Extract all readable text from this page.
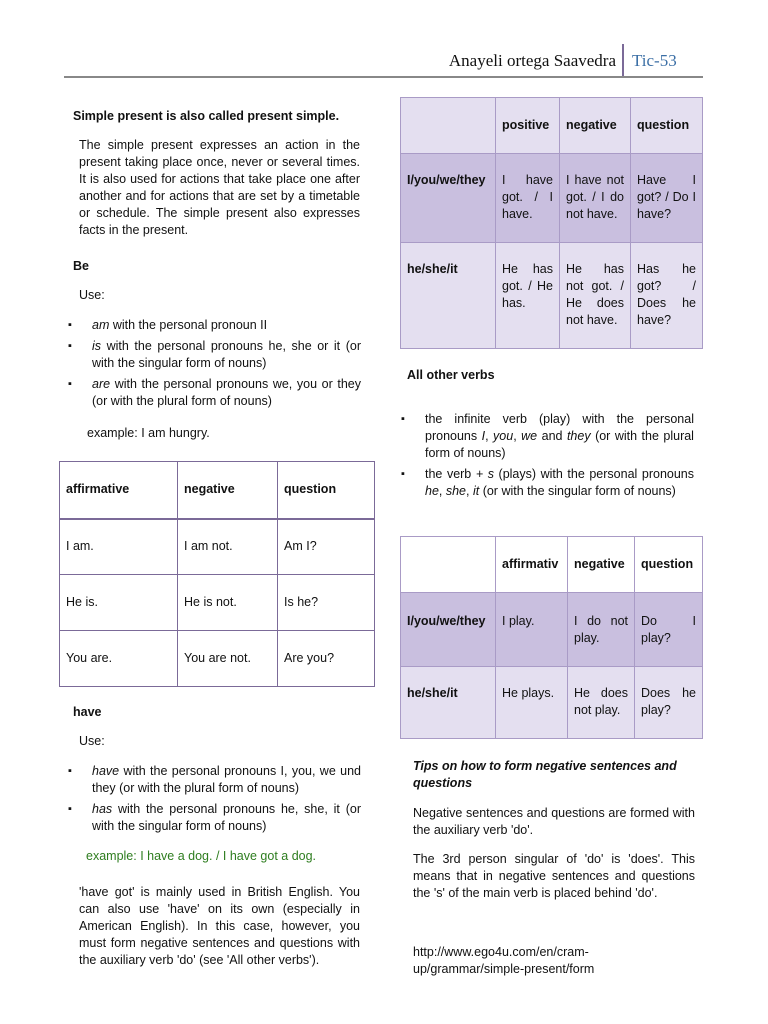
Anayeli ortega Saavedra Tic-53
Simple present is also called present simple.
The simple present expresses an action in the present taking place once, never or several times. It is also used for actions that take place one after another and for actions that are set by a timetable or schedule. The simple present also expresses facts in the present.
Be
Use:
▪ am with the personal pronoun II
▪ is with the personal pronouns he, she or it (or with the singular form of nouns)
▪ are with the personal pronouns we, you or they (or with the plural form of nouns)
example: I am hungry.
affirmative	negative	question
I am.	I am not.	Am I?
He is.	He is not.	Is he?
You are.	You are not.	Are you?
have
Use:
▪ have with the personal pronouns I, you, we und they (or with the plural form of nouns)
▪ has with the personal pronouns he, she, it (or with the singular form of nouns)
example: I have a dog. / I have got a dog.
'have got' is mainly used in British English. You can also use 'have' on its own (especially in American English). In this case, however, you must form negative sentences and questions with the auxiliary verb 'do' (see 'All other verbs').
	positive	negative	question
I/you/we/they	I have got. / I have.	I have not got. / I do not have.	Have I got? / Do I have?
he/she/it	He has got. / He has.	He has not got. / He does not have.	Has he got? / Does he have?
All other verbs
▪ the infinite verb (play) with the personal pronouns I, you, we and they (or with the plural form of nouns)
▪ the verb + s (plays) with the personal pronouns he, she, it (or with the singular form of nouns)
	affirmativ	negative	question
I/you/we/they	I play.	I do not play.	Do I play?
he/she/it	He plays.	He does not play.	Does he play?
Tips on how to form negative sentences and questions
Negative sentences and questions are formed with the auxiliary verb 'do'.
The 3rd person singular of 'do' is 'does'. This means that in negative sentences and questions the 's' of the main verb is placed behind 'do'.
http://www.ego4u.com/en/cram-up/grammar/simple-present/form
